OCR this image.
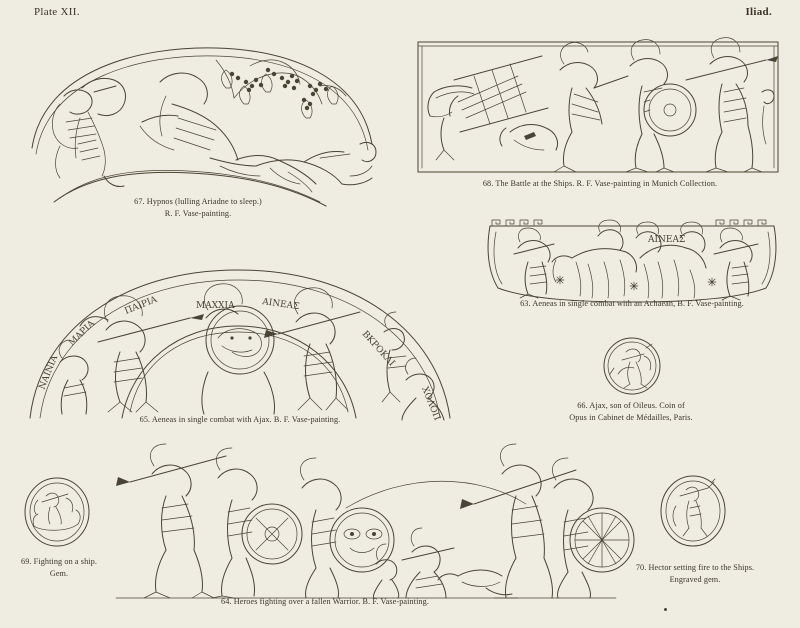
Plate XII.	Iliad.
67. Hypnos (lulling Ariadne to sleep.)
R. F. Vase-painting.
68. The Battle at the Ships. R. F. Vase-painting in Munich Collection.
ΑΙΝΕΑΣ
63. Aeneas in single combat with an Achaean, B. F. Vase-painting.
ΜΑΧΧΙΑ	ΑΙΝΕΑΣ
ΒΚΡΟΚΛΙ
ΧΟΛΟΠ
ΝΑΙΝΙΑ
ΜΑΡΙΑ
ΠΑΙΡΙΑ
65. Aeneas in single combat with Ajax. B. F. Vase-painting.
66. Ajax, son of Oileus. Coin of
Opus in Cabinet de Médailles, Paris.
69. Fighting on a ship.
Gem.
64. Heroes fighting over a fallen Warrior. B. F. Vase-painting.
70. Hector setting fire to the Ships.
Engraved gem.
